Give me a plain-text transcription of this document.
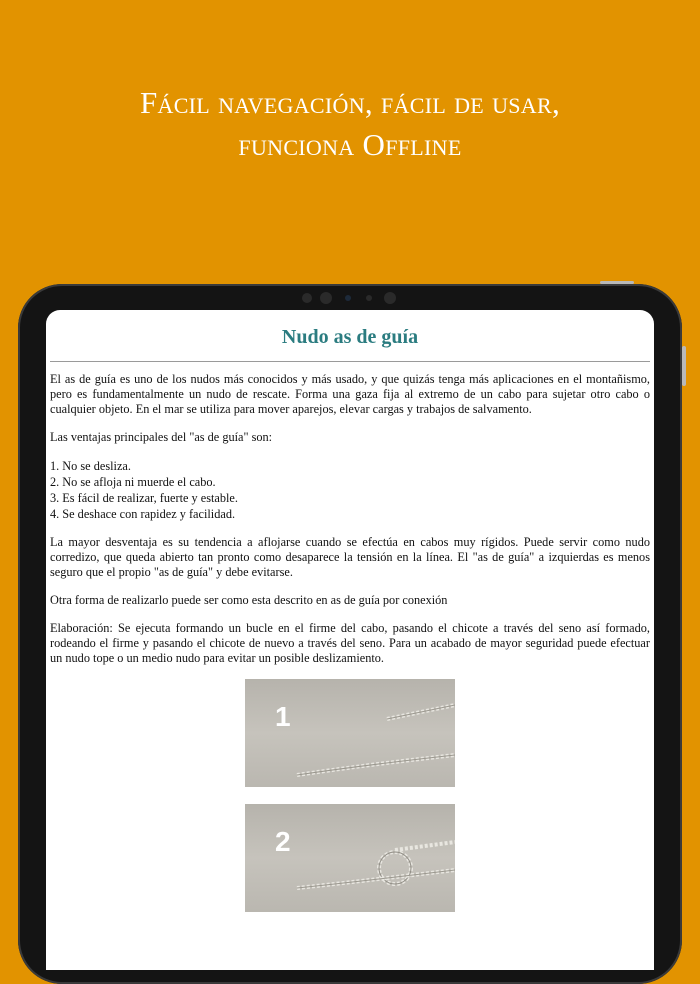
Fácil navegación, fácil de usar,
funciona Offline
Nudo as de guía

El as de guía es uno de los nudos más conocidos y más usado, y que quizás tenga más aplicaciones en el montañismo, pero es fundamentalmente un nudo de rescate. Forma una gaza fija al extremo de un cabo para sujetar otro cabo o cualquier objeto. En el mar se utiliza para mover aparejos, elevar cargas y trabajos de salvamento.

Las ventajas principales del "as de guía" son:

1. No se desliza.
2. No se afloja ni muerde el cabo.
3. Es fácil de realizar, fuerte y estable.
4. Se deshace con rapidez y facilidad.

La mayor desventaja es su tendencia a aflojarse cuando se efectúa en cabos muy rígidos. Puede servir como nudo corredizo, que queda abierto tan pronto como desaparece la tensión en la línea. El "as de guía" a izquierdas es menos seguro que el propio "as de guía" y debe evitarse.

Otra forma de realizarlo puede ser como esta descrito en as de guía por conexión

Elaboración: Se ejecuta formando un bucle en el firme del cabo, pasando el chicote a través del seno así formado, rodeando el firme y pasando el chicote de nuevo a través del seno. Para un acabado de mayor seguridad puede efectuar un nudo tope o un medio nudo para evitar un posible deslizamiento.

1
2
